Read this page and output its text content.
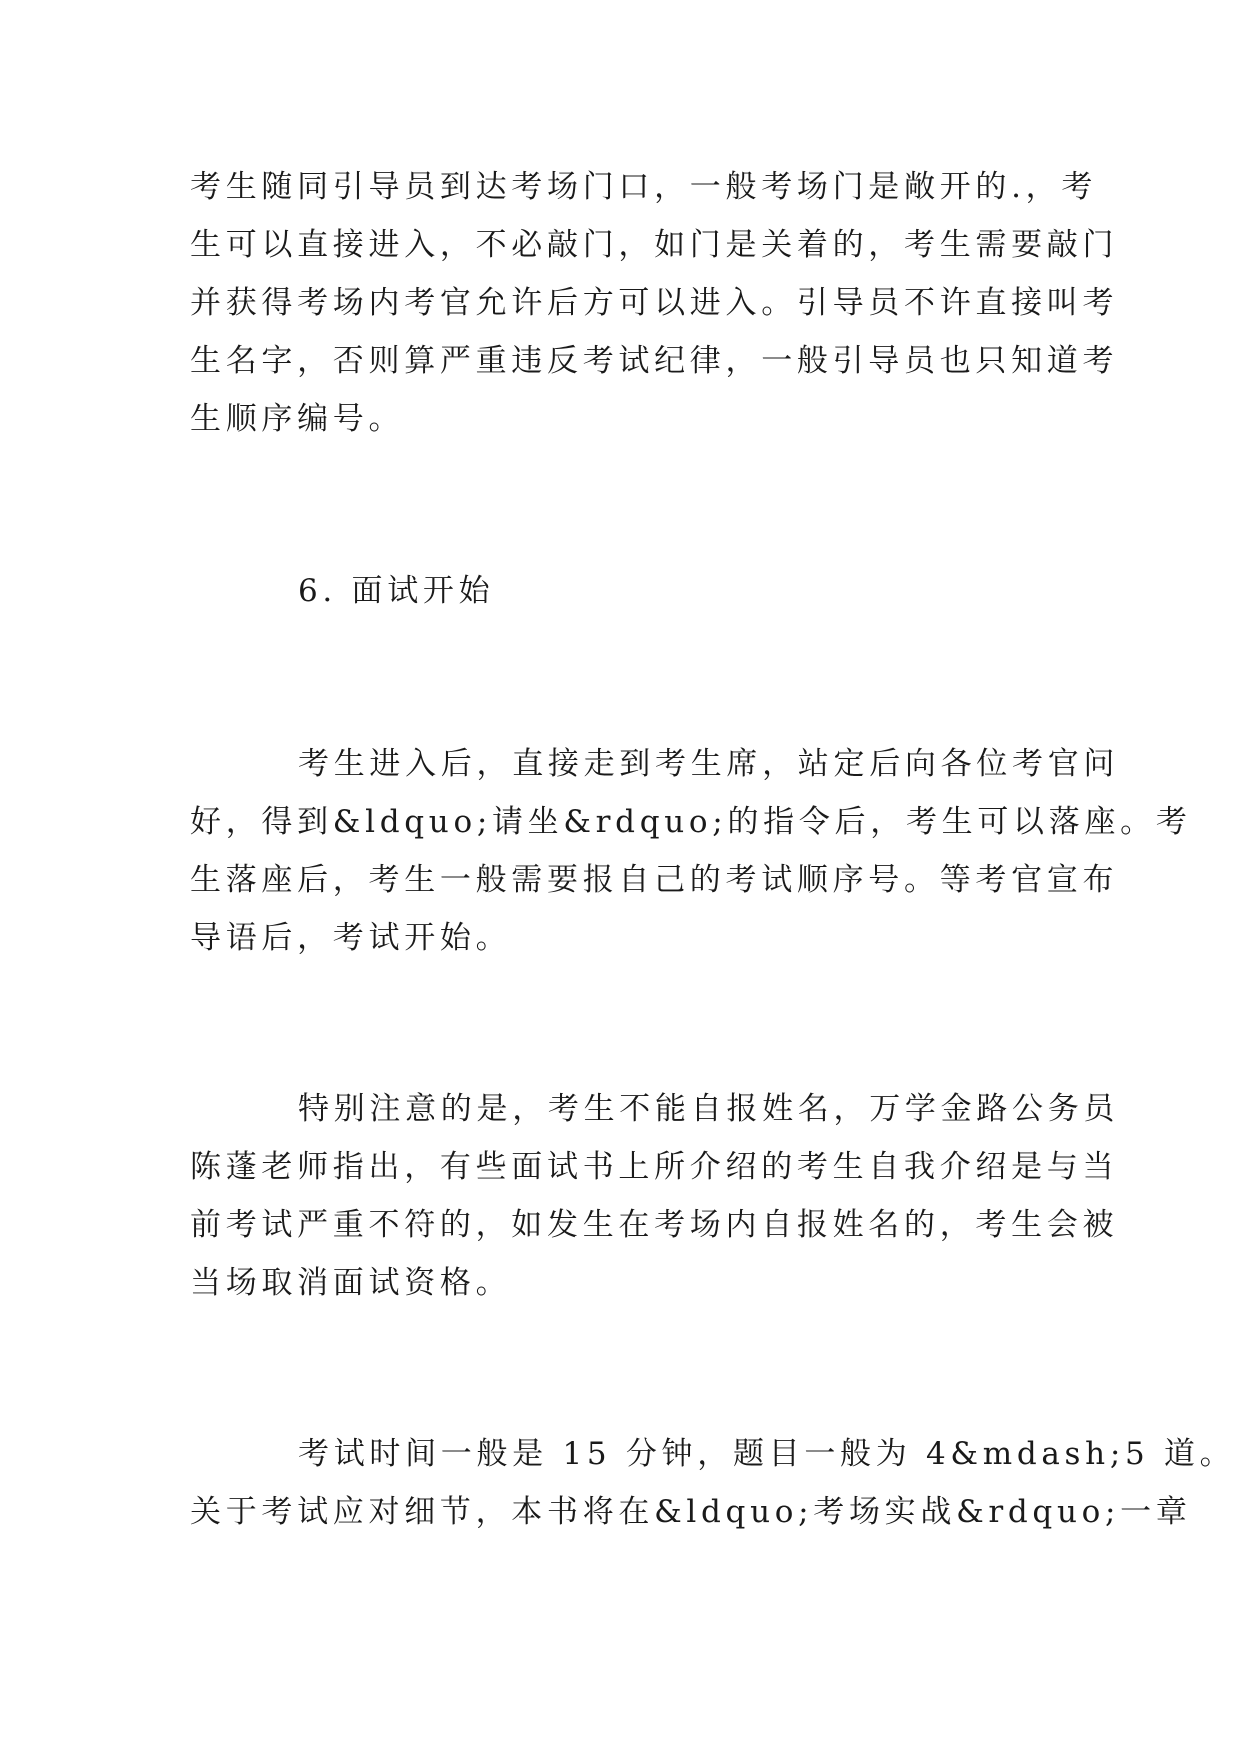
考生随同引导员到达考场门口，一般考场门是敞开的.，考

生可以直接进入，不必敲门，如门是关着的，考生需要敲门

并获得考场内考官允许后方可以进入。引导员不许直接叫考

生名字，否则算严重违反考试纪律，一般引导员也只知道考

生顺序编号。

6. 面试开始

考生进入后，直接走到考生席，站定后向各位考官问

好，得到&ldquo;请坐&rdquo;的指令后，考生可以落座。考

生落座后，考生一般需要报自己的考试顺序号。等考官宣布

导语后，考试开始。

特别注意的是，考生不能自报姓名，万学金路公务员

陈蓬老师指出，有些面试书上所介绍的考生自我介绍是与当

前考试严重不符的，如发生在考场内自报姓名的，考生会被

当场取消面试资格。

考试时间一般是 15 分钟，题目一般为 4&mdash;5 道。

关于考试应对细节，本书将在&ldquo;考场实战&rdquo;一章
